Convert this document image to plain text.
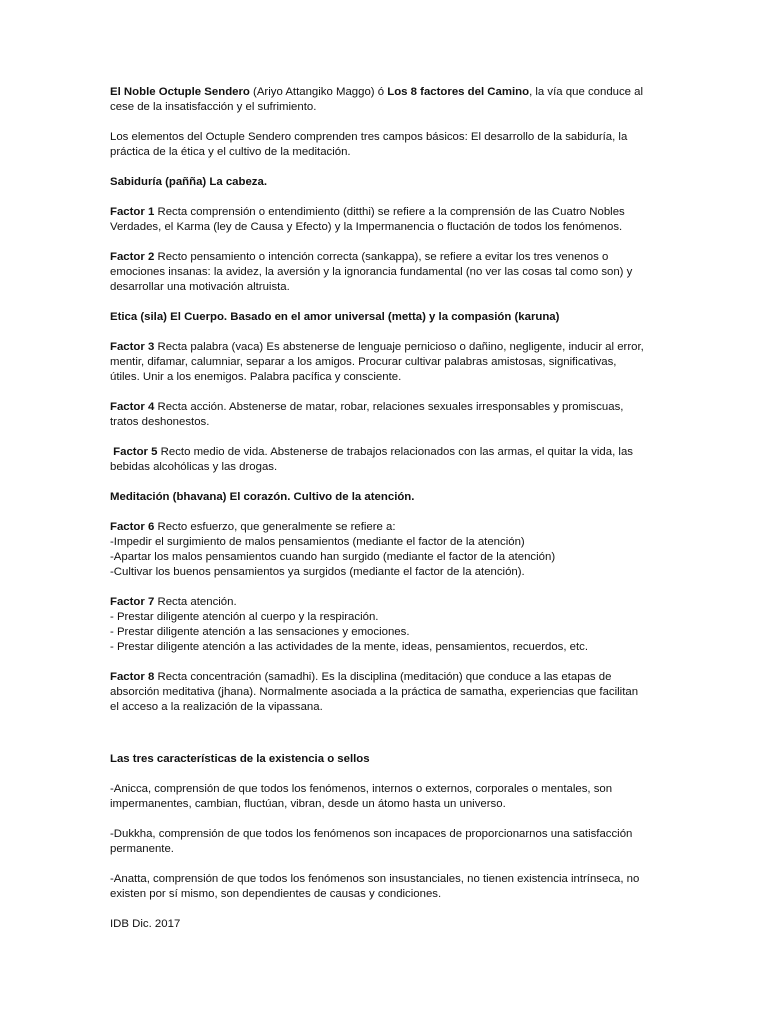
El Noble Octuple Sendero (Ariyo Attangiko Maggo) ó Los 8 factores del Camino, la vía que conduce al

cese de la insatisfacción y el sufrimiento.

Los elementos del Octuple Sendero comprenden tres campos básicos: El desarrollo de la sabiduría, la

práctica de la ética y el cultivo de la meditación.

Sabiduría (pañña) La cabeza.

Factor 1 Recta comprensión o entendimiento (ditthi) se refiere a la comprensión de las Cuatro Nobles

Verdades, el Karma (ley de Causa y Efecto) y la Impermanencia o fluctación de todos los fenómenos.

Factor 2 Recto pensamiento o intención correcta (sankappa), se refiere a evitar los tres venenos o

emociones insanas: la avidez, la aversión y la ignorancia fundamental (no ver las cosas tal como son) y

desarrollar una motivación altruista.

Etica (sila) El Cuerpo. Basado en el amor universal (metta) y la compasión (karuna)

Factor 3 Recta palabra (vaca) Es abstenerse de lenguaje pernicioso o dañino, negligente, inducir al error,

mentir, difamar, calumniar, separar a los amigos. Procurar cultivar palabras amistosas, significativas,

útiles. Unir a los enemigos. Palabra pacífica y consciente.

Factor 4 Recta acción. Abstenerse de matar, robar, relaciones sexuales irresponsables y promiscuas,

tratos deshonestos.

Factor 5 Recto medio de vida. Abstenerse de trabajos relacionados con las armas, el quitar la vida, las

bebidas alcohólicas y las drogas.

Meditación (bhavana) El corazón. Cultivo de la atención.

Factor 6 Recto esfuerzo, que generalmente se refiere a:

-Impedir el surgimiento de malos pensamientos (mediante el factor de la atención)

-Apartar los malos pensamientos cuando han surgido (mediante el factor de la atención)

-Cultivar los buenos pensamientos ya surgidos (mediante el factor de la atención).

Factor 7 Recta atención.

- Prestar diligente atención al cuerpo y la respiración.

- Prestar diligente atención a las sensaciones y emociones.

- Prestar diligente atención a las actividades de la mente, ideas, pensamientos, recuerdos, etc.

Factor 8 Recta concentración (samadhi). Es la disciplina (meditación) que conduce a las etapas de

absorción meditativa (jhana). Normalmente asociada a la práctica de samatha, experiencias que facilitan

el acceso a la realización de la vipassana.

Las tres características de la existencia o sellos

-Anicca, comprensión de que todos los fenómenos, internos o externos, corporales o mentales, son

impermanentes, cambian, fluctúan, vibran, desde un átomo hasta un universo.

-Dukkha, comprensión de que todos los fenómenos son incapaces de proporcionarnos una satisfacción

permanente.

-Anatta, comprensión de que todos los fenómenos son insustanciales, no tienen existencia intrínseca, no

existen por sí mismo, son dependientes de causas y condiciones.

IDB Dic. 2017
